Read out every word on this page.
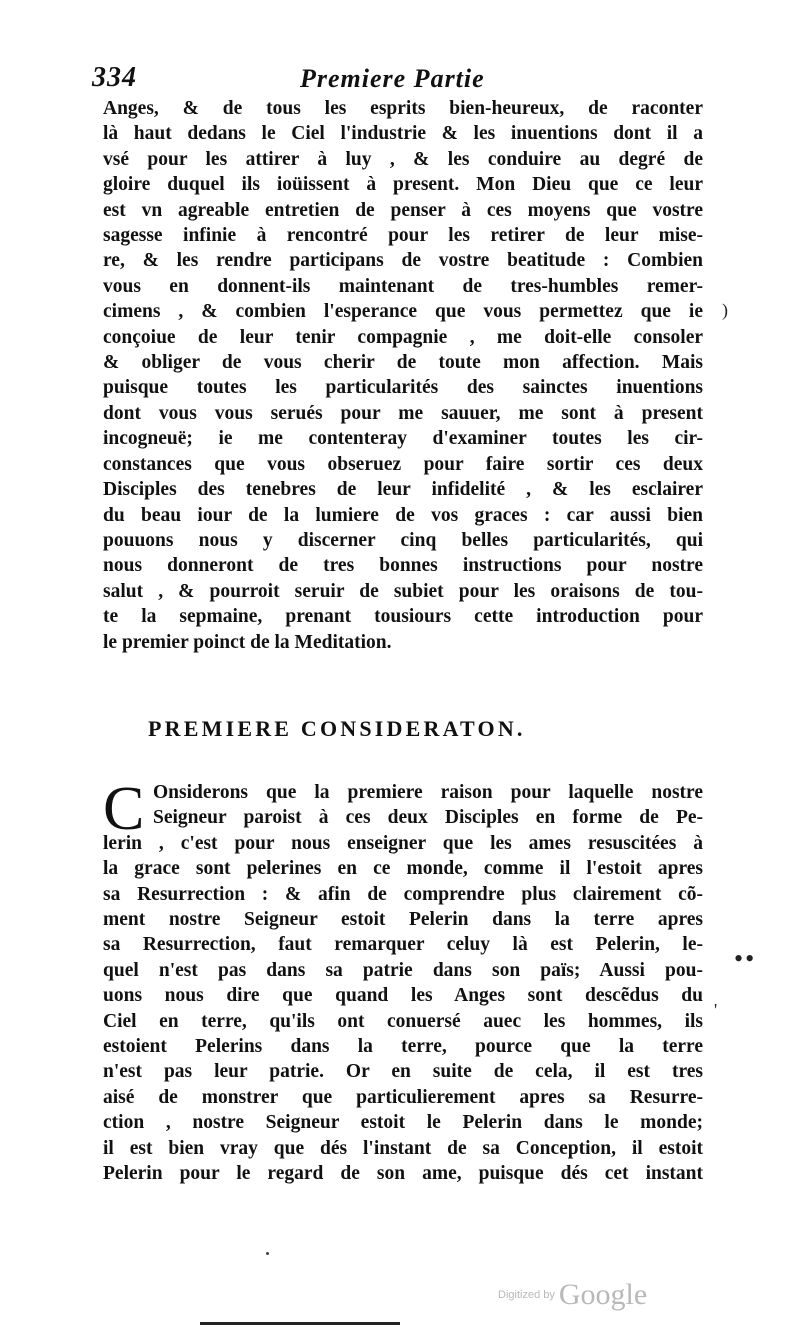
334	Premiere Partie
Anges, & de tous les esprits bien-heureux, de raconter
là haut dedans le Ciel l'industrie & les inuentions dont il a
vsé pour les attirer à luy , & les conduire au degré de
gloire duquel ils ioüissent à present. Mon Dieu que ce leur
est vn agreable entretien de penser à ces moyens que vostre
sagesse infinie à rencontré pour les retirer de leur mise-
re, & les rendre participans de vostre beatitude : Combien
vous en donnent-ils maintenant de tres-humbles remer-
cimens , & combien l'esperance que vous permettez que ie
conçoiue de leur tenir compagnie , me doit-elle consoler
& obliger de vous cherir de toute mon affection. Mais
puisque toutes les particularités des sainctes inuentions
dont vous vous serués pour me sauuer, me sont à present
incogneuë; ie me contenteray d'examiner toutes les cir-
constances que vous obseruez pour faire sortir ces deux
Disciples des tenebres de leur infidelité , & les esclairer
du beau iour de la lumiere de vos graces : car aussi bien
pouuons nous y discerner cinq belles particularités, qui
nous donneront de tres bonnes instructions pour nostre
salut , & pourroit seruir de subiet pour les oraisons de tou-
te la sepmaine, prenant tousiours cette introduction pour
le premier poinct de la Meditation.
PREMIERE CONSIDERATON.
C Onsiderons que la premiere raison pour laquelle nostre
Seigneur paroist à ces deux Disciples en forme de Pe-
lerin , c'est pour nous enseigner que les ames resuscitées à
la grace sont pelerines en ce monde, comme il l'estoit apres
sa Resurrection : & afin de comprendre plus clairement cõ-
ment nostre Seigneur estoit Pelerin dans la terre apres
sa Resurrection, faut remarquer celuy là est Pelerin, le-
quel n'est pas dans sa patrie dans son païs; Aussi pou-
uons nous dire que quand les Anges sont descẽdus du
Ciel en terre, qu'ils ont conuersé auec les hommes, ils
estoient Pelerins dans la terre, pource que la terre
n'est pas leur patrie. Or en suite de cela, il est tres
aisé de monstrer que particulierement apres sa Resurre-
ction , nostre Seigneur estoit le Pelerin dans le monde;
il est bien vray que dés l'instant de sa Conception, il estoit
Pelerin pour le regard de son ame, puisque dés cet instant
)
••
'
Digitized by Google
